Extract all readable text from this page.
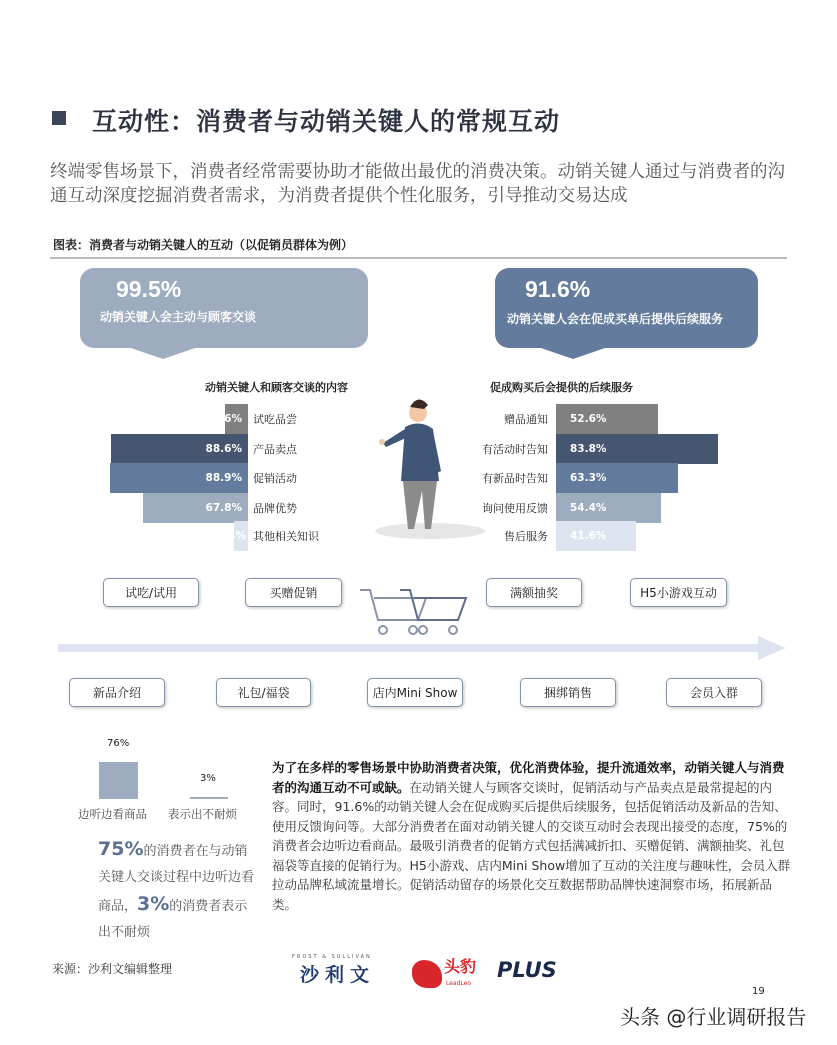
互动性：消费者与动销关键人的常规互动
终端零售场景下，消费者经常需要协助才能做出最优的消费决策。动销关键人通过与消费者的沟通互动深度挖掘消费者需求，为消费者提供个性化服务，引导推动交易达成
图表：消费者与动销关键人的互动（以促销员群体为例）
99.5%
动销关键人会主动与顾客交谈
91.6%
动销关键人会在促成买单后提供后续服务
动销关键人和顾客交谈的内容	促成购买后会提供的后续服务
14.6% 试吃品尝
88.6% 产品卖点
88.9% 促销活动
67.8% 品牌优势
1.4% 其他相关知识
52.6%
赠品通知
83.8%
有活动时告知
63.3%
有新品时告知
54.4%
询问使用反馈
41.6%
售后服务
试吃/试用	买赠促销	满额抽奖	H5小游戏互动
新品介绍	礼包/福袋	店内Mini Show	捆绑销售	会员入群
76%
3%
边听边看商品 表示出不耐烦
75%的消费者在与动销关键人交谈过程中边听边看商品，3%的消费者表示出不耐烦
为了在多样的零售场景中协助消费者决策，优化消费体验，提升流通效率，动销关键人与消费者的沟通互动不可或缺。在动销关键人与顾客交谈时，促销活动与产品卖点是最常提起的内容。同时，91.6%的动销关键人会在促成购买后提供后续服务，包括促销活动及新品的告知、使用反馈询问等。大部分消费者在面对动销关键人的交谈互动时会表现出接受的态度，75%的消费者会边听边看商品。最吸引消费者的促销方式包括满减折扣、买赠促销、满额抽奖、礼包福袋等直接的促销行为。H5小游戏、店内Mini Show增加了互动的关注度与趣味性，会员入群拉动品牌私域流量增长。促销活动留存的场景化交互数据帮助品牌快速洞察市场，拓展新品类。
来源：沙利文编辑整理
FROST & SULLIVAN
沙利文	头豹
LeadLeo
PLUS
19
头条 @行业调研报告
